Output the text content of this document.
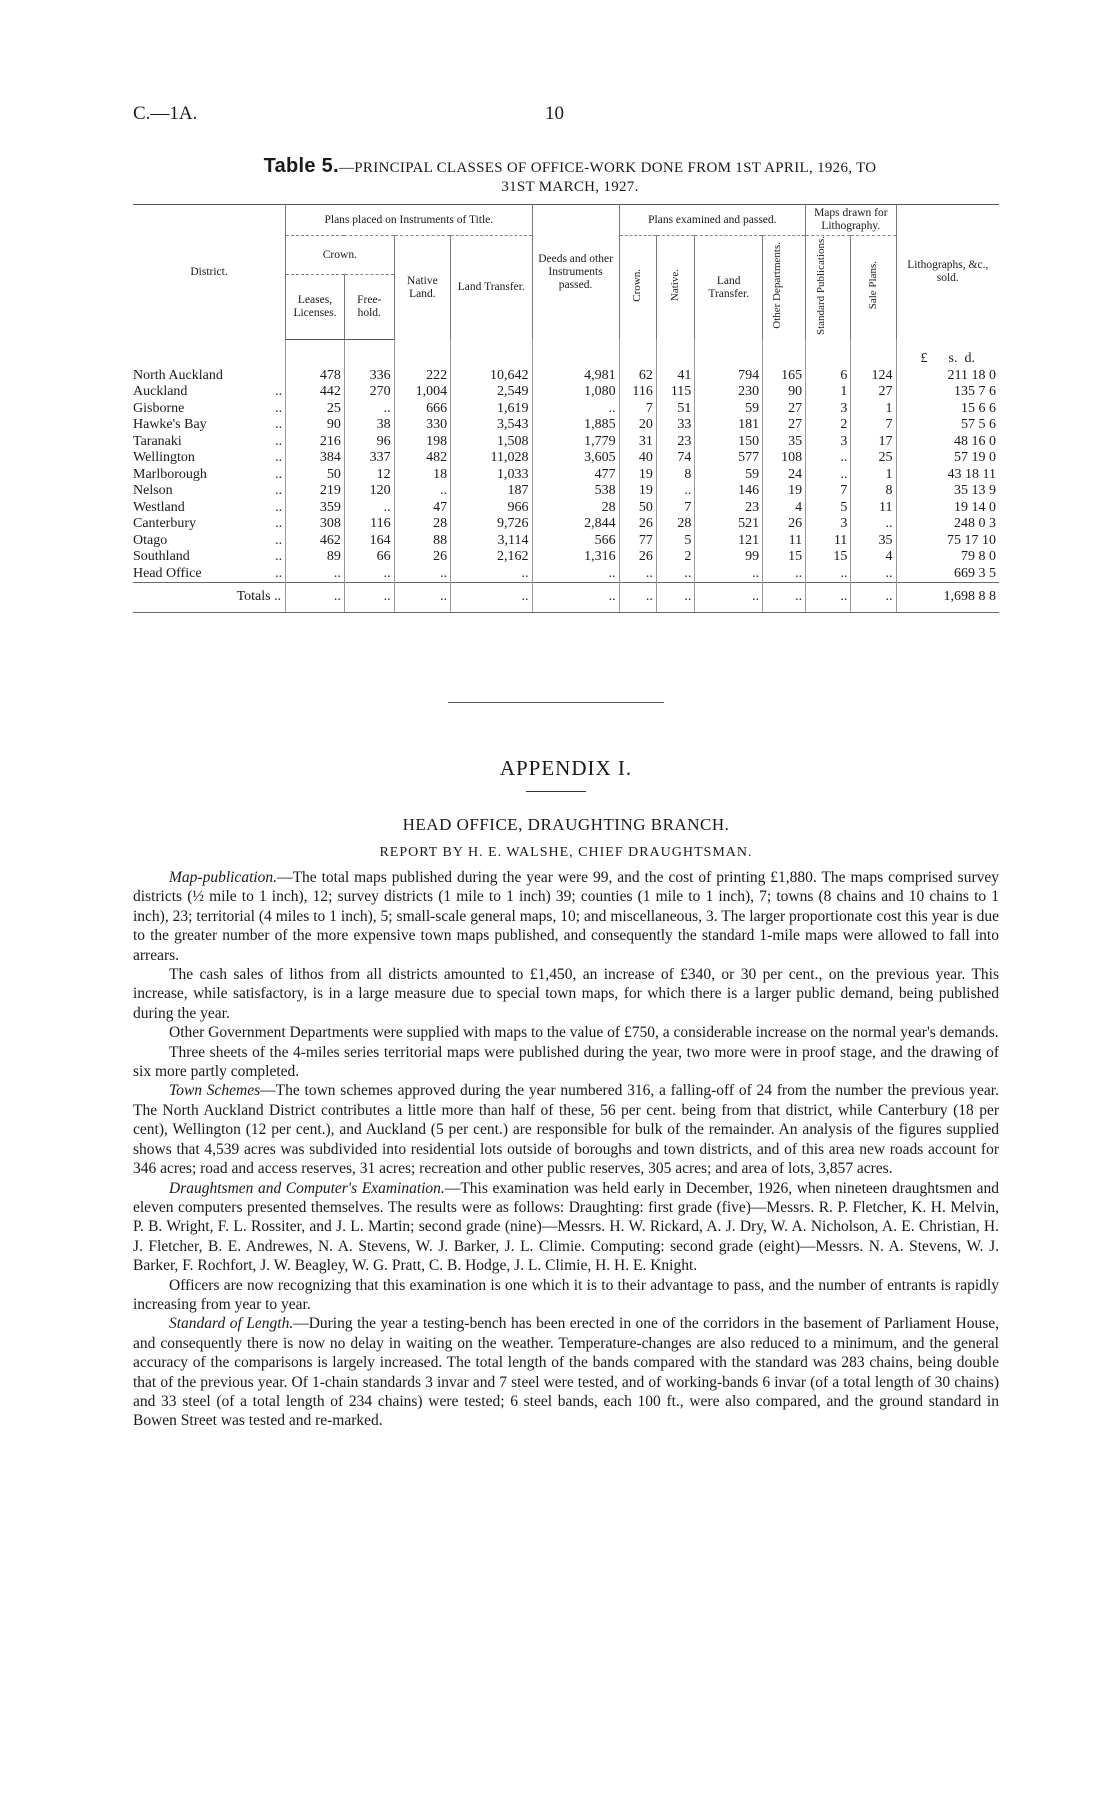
C.—1A.	10
Table 5.—PRINCIPAL CLASSES OF OFFICE-WORK DONE FROM 1ST APRIL, 1926, TO
31ST MARCH, 1927.
District.	Plans placed on Instruments of Title.				Deeds and other Instruments passed.	Plans examined and passed.				Maps drawn for Lithography.		Lithographs, &c., sold.
	Crown.		Native Land.	Land Transfer.		Crown.	Native.	Land Transfer.	Other Departments.	Standard Publications.	Sale Plans.	
	Leases, Licenses.	Free-hold.										
												£ s. d.
North Auckland	478	336	222	10,642	4,981	62	41	794	165	6	124	211 18 0
Auckland ..	442	270	1,004	2,549	1,080	116	115	230	90	1	27	135 7 6
Gisborne ..	25	..	666	1,619	..	7	51	59	27	3	1	15 6 6
Hawke's Bay ..	90	38	330	3,543	1,885	20	33	181	27	2	7	57 5 6
Taranaki ..	216	96	198	1,508	1,779	31	23	150	35	3	17	48 16 0
Wellington ..	384	337	482	11,028	3,605	40	74	577	108	..	25	57 19 0
Marlborough ..	50	12	18	1,033	477	19	8	59	24	..	1	43 18 11
Nelson ..	219	120	..	187	538	19	..	146	19	7	8	35 13 9
Westland ..	359	..	47	966	28	50	7	23	4	5	11	19 14 0
Canterbury ..	308	116	28	9,726	2,844	26	28	521	26	3	..	248 0 3
Otago ..	462	164	88	3,114	566	77	5	121	11	11	35	75 17 10
Southland ..	89	66	26	2,162	1,316	26	2	99	15	15	4	79 8 0
Head Office ..	..	..	..	..	..	..	..	..	..	..	..	669 3 5
Totals ..	..	..	..	..	..	..	..	..	..	..	..	1,698 8 8
APPENDIX I.
HEAD OFFICE, DRAUGHTING BRANCH.
REPORT BY H. E. WALSHE, CHIEF DRAUGHTSMAN.

Map-publication.—The total maps published during the year were 99, and the cost of printing £1,880. The maps comprised survey districts (½ mile to 1 inch), 12; survey districts (1 mile to 1 inch) 39; counties (1 mile to 1 inch), 7; towns (8 chains and 10 chains to 1 inch), 23; territorial (4 miles to 1 inch), 5; small-scale general maps, 10; and miscellaneous, 3. The larger proportionate cost this year is due to the greater number of the more expensive town maps published, and consequently the standard 1-mile maps were allowed to fall into arrears.

The cash sales of lithos from all districts amounted to £1,450, an increase of £340, or 30 per cent., on the previous year. This increase, while satisfactory, is in a large measure due to special town maps, for which there is a larger public demand, being published during the year.

Other Government Departments were supplied with maps to the value of £750, a considerable increase on the normal year's demands.

Three sheets of the 4-miles series territorial maps were published during the year, two more were in proof stage, and the drawing of six more partly completed.

Town Schemes—The town schemes approved during the year numbered 316, a falling-off of 24 from the number the previous year. The North Auckland District contributes a little more than half of these, 56 per cent. being from that district, while Canterbury (18 per cent), Wellington (12 per cent.), and Auckland (5 per cent.) are responsible for bulk of the remainder. An analysis of the figures supplied shows that 4,539 acres was subdivided into residential lots outside of boroughs and town districts, and of this area new roads account for 346 acres; road and access reserves, 31 acres; recreation and other public reserves, 305 acres; and area of lots, 3,857 acres.

Draughtsmen and Computer's Examination.—This examination was held early in December, 1926, when nineteen draughtsmen and eleven computers presented themselves. The results were as follows: Draughting: first grade (five)—Messrs. R. P. Fletcher, K. H. Melvin, P. B. Wright, F. L. Rossiter, and J. L. Martin; second grade (nine)—Messrs. H. W. Rickard, A. J. Dry, W. A. Nicholson, A. E. Christian, H. J. Fletcher, B. E. Andrewes, N. A. Stevens, W. J. Barker, J. L. Climie. Computing: second grade (eight)—Messrs. N. A. Stevens, W. J. Barker, F. Rochfort, J. W. Beagley, W. G. Pratt, C. B. Hodge, J. L. Climie, H. H. E. Knight.

Officers are now recognizing that this examination is one which it is to their advantage to pass, and the number of entrants is rapidly increasing from year to year.

Standard of Length.—During the year a testing-bench has been erected in one of the corridors in the basement of Parliament House, and consequently there is now no delay in waiting on the weather. Temperature-changes are also reduced to a minimum, and the general accuracy of the comparisons is largely increased. The total length of the bands compared with the standard was 283 chains, being double that of the previous year. Of 1-chain standards 3 invar and 7 steel were tested, and of working-bands 6 invar (of a total length of 30 chains) and 33 steel (of a total length of 234 chains) were tested; 6 steel bands, each 100 ft., were also compared, and the ground standard in Bowen Street was tested and re-marked.
